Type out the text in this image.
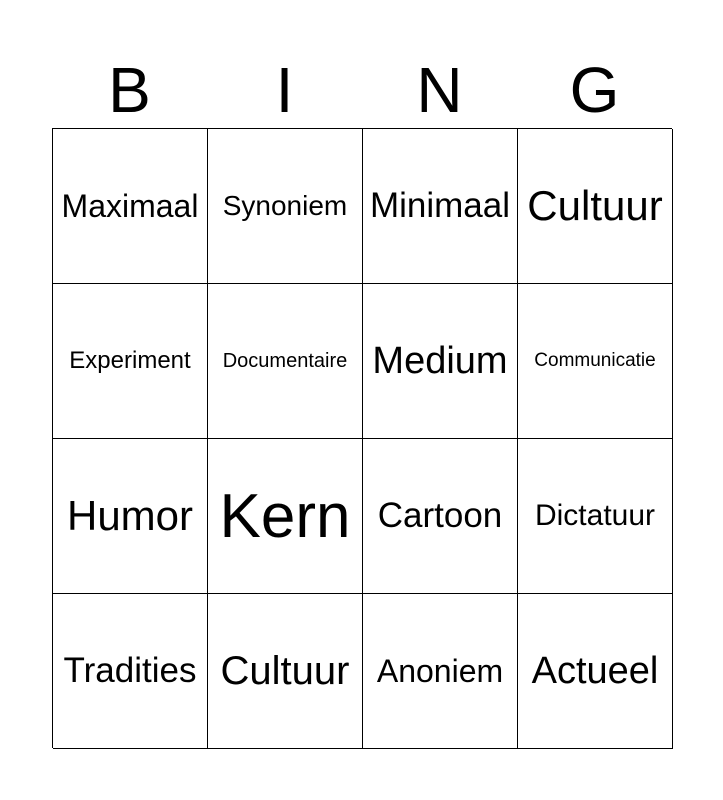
B	I	N	G
Maximaal Synoniem Minimaal Cultuur
Experiment Documentaire Medium Communicatie
Humor Kern Cartoon Dictatuur
Tradities Cultuur Anoniem Actueel
